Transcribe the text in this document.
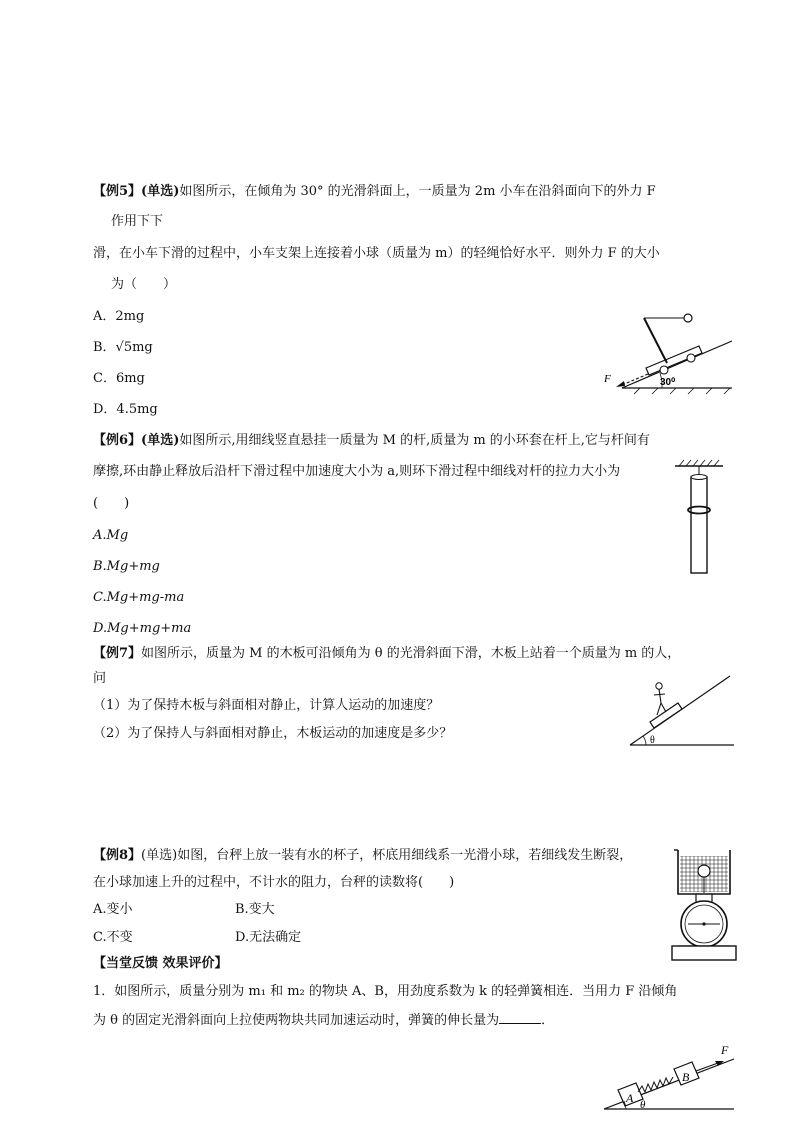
【例5】(单选)如图所示，在倾角为 30° 的光滑斜面上，一质量为 2m 小车在沿斜面向下的外力 F
作用下下
滑，在小车下滑的过程中，小车支架上连接着小球（质量为 m）的轻绳恰好水平．则外力 F 的大小
为（　　）
A．2mg
B．√5mg
C．6mg
D．4.5mg
F	30⁰
【例6】(单选)如图所示,用细线竖直悬挂一质量为 M 的杆,质量为 m 的小环套在杆上,它与杆间有
摩擦,环由静止释放后沿杆下滑过程中加速度大小为 a,则环下滑过程中细线对杆的拉力大小为
(　　)
A.Mg
B.Mg+mg
C.Mg+mg-ma
D.Mg+mg+ma
【例7】如图所示，质量为 M 的木板可沿倾角为 θ 的光滑斜面下滑，木板上站着一个质量为 m 的人，
问
（1）为了保持木板与斜面相对静止，计算人运动的加速度？
（2）为了保持人与斜面相对静止，木板运动的加速度是多少？	θ
【例8】(单选)如图，台秤上放一装有水的杯子，杯底用细线系一光滑小球，若细线发生断裂，
在小球加速上升的过程中，不计水的阻力，台秤的读数将(　　)
A.变小	B.变大
C.不变	D.无法确定
【当堂反馈 效果评价】
1．如图所示，质量分别为 m₁ 和 m₂ 的物块 A、B，用劲度系数为 k 的轻弹簧相连．当用力 F 沿倾角
为 θ 的固定光滑斜面向上拉使两物块共同加速运动时，弹簧的伸长量为	．
A
B
F
θ
